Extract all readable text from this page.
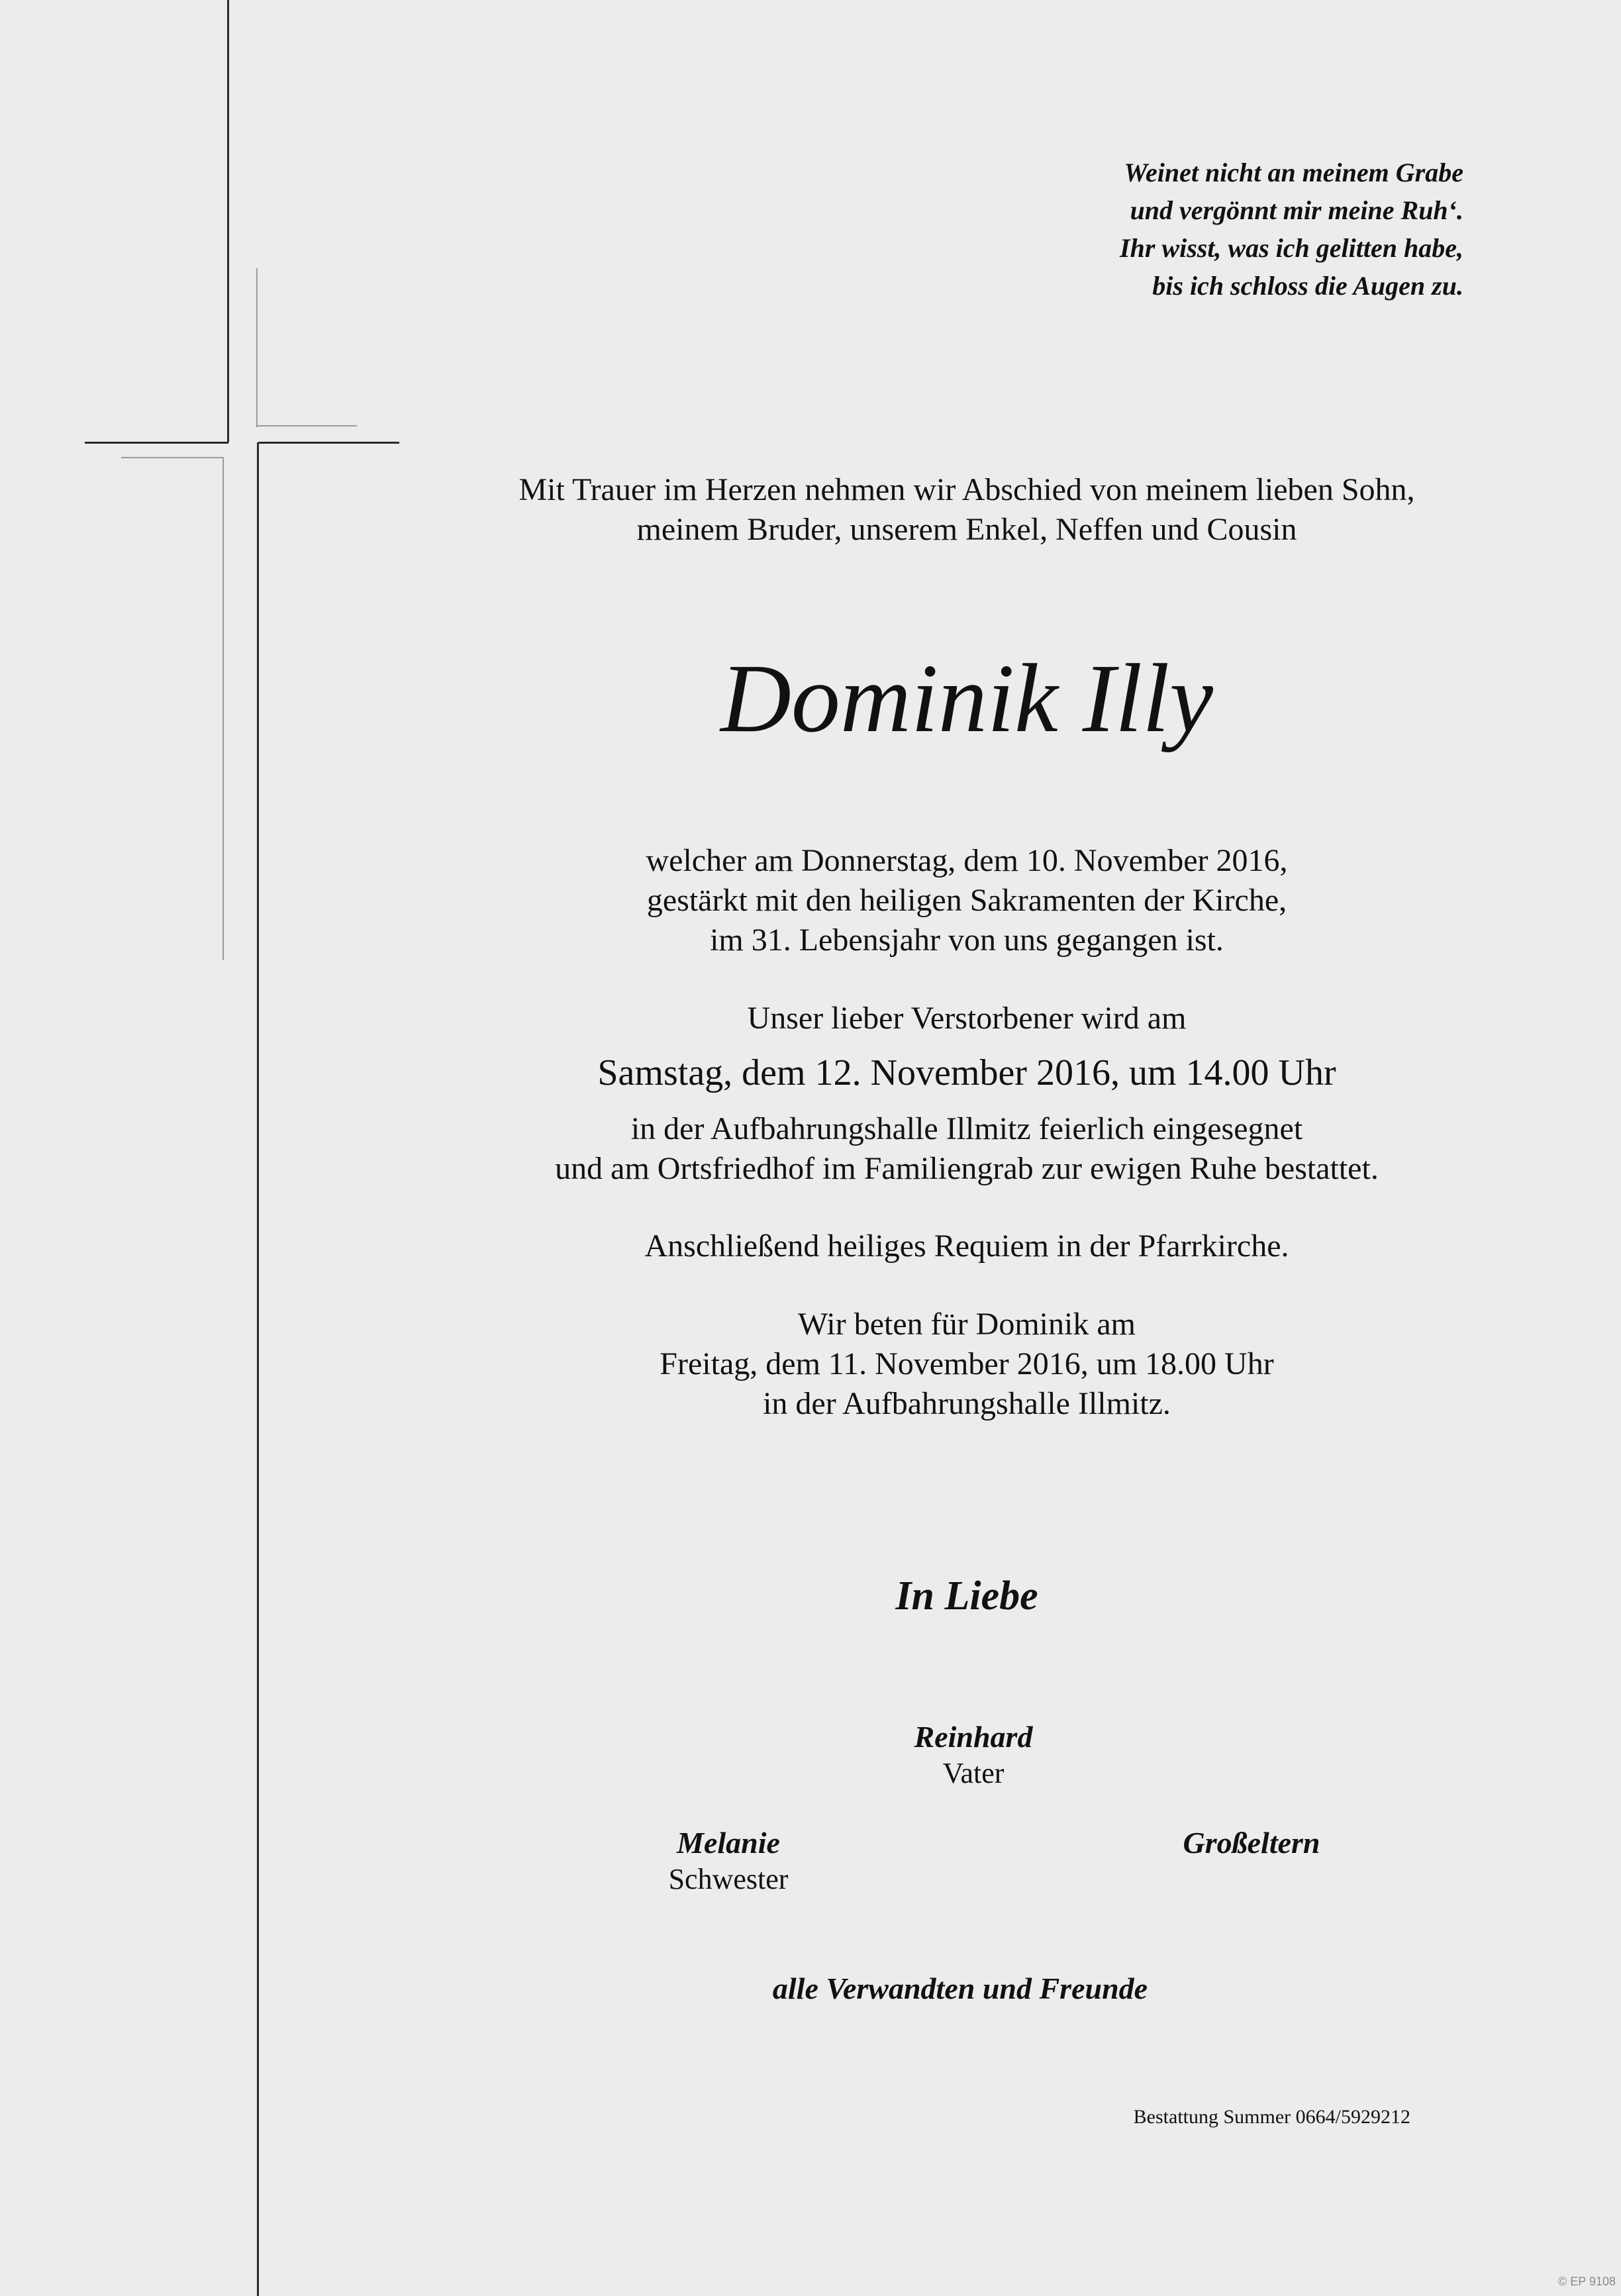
Weinet nicht an meinem Grabe
und vergönnt mir meine Ruh‘.
Ihr wisst, was ich gelitten habe,
bis ich schloss die Augen zu.
Mit Trauer im Herzen nehmen wir Abschied von meinem lieben Sohn,
meinem Bruder, unserem Enkel, Neffen und Cousin
Dominik Illy
welcher am Donnerstag, dem 10. November 2016,
gestärkt mit den heiligen Sakramenten der Kirche,
im 31. Lebensjahr von uns gegangen ist.
Unser lieber Verstorbener wird am
Samstag, dem 12. November 2016, um 14.00 Uhr
in der Aufbahrungshalle Illmitz feierlich eingesegnet
und am Ortsfriedhof im Familiengrab zur ewigen Ruhe bestattet.
Anschließend heiliges Requiem in der Pfarrkirche.
Wir beten für Dominik am
Freitag, dem 11. November 2016, um 18.00 Uhr
in der Aufbahrungshalle Illmitz.
In Liebe
Reinhard
Vater
Melanie
Schwester
Großeltern
alle Verwandten und Freunde
Bestattung Summer 0664/5929212
© EP 9108
